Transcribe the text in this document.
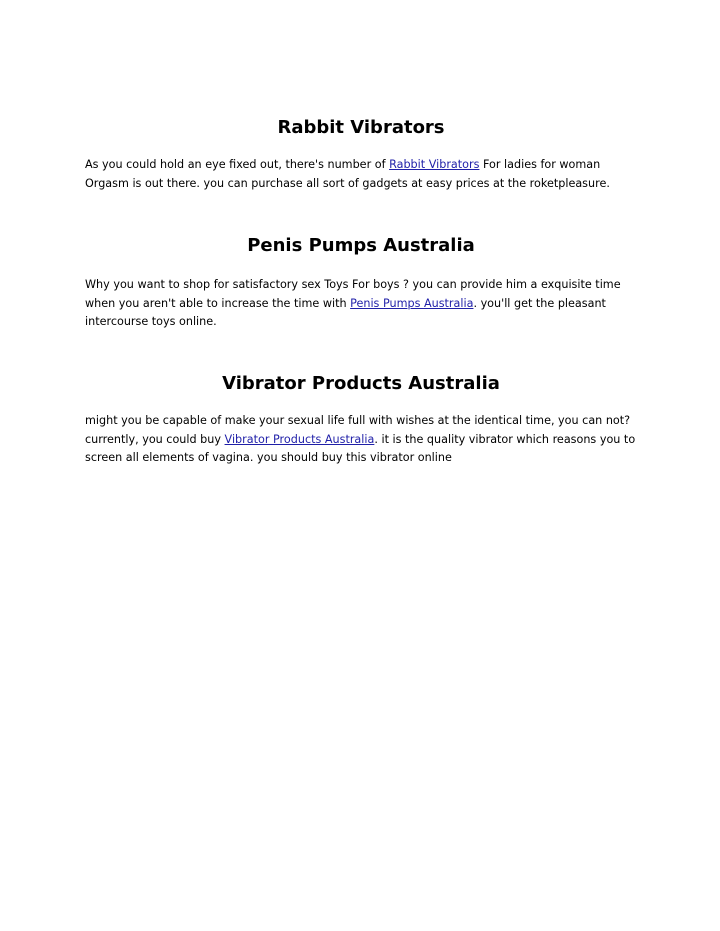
Rabbit Vibrators

As you could hold an eye fixed out, there's number of Rabbit Vibrators For ladies for woman Orgasm is out there. you can purchase all sort of gadgets at easy prices at the roketpleasure.

Penis Pumps Australia

Why you want to shop for satisfactory sex Toys For boys ? you can provide him a exquisite time when you aren't able to increase the time with Penis Pumps Australia. you'll get the pleasant intercourse toys online.

Vibrator Products Australia

might you be capable of make your sexual life full with wishes at the identical time, you can not? currently, you could buy Vibrator Products Australia. it is the quality vibrator which reasons you to screen all elements of vagina. you should buy this vibrator online
